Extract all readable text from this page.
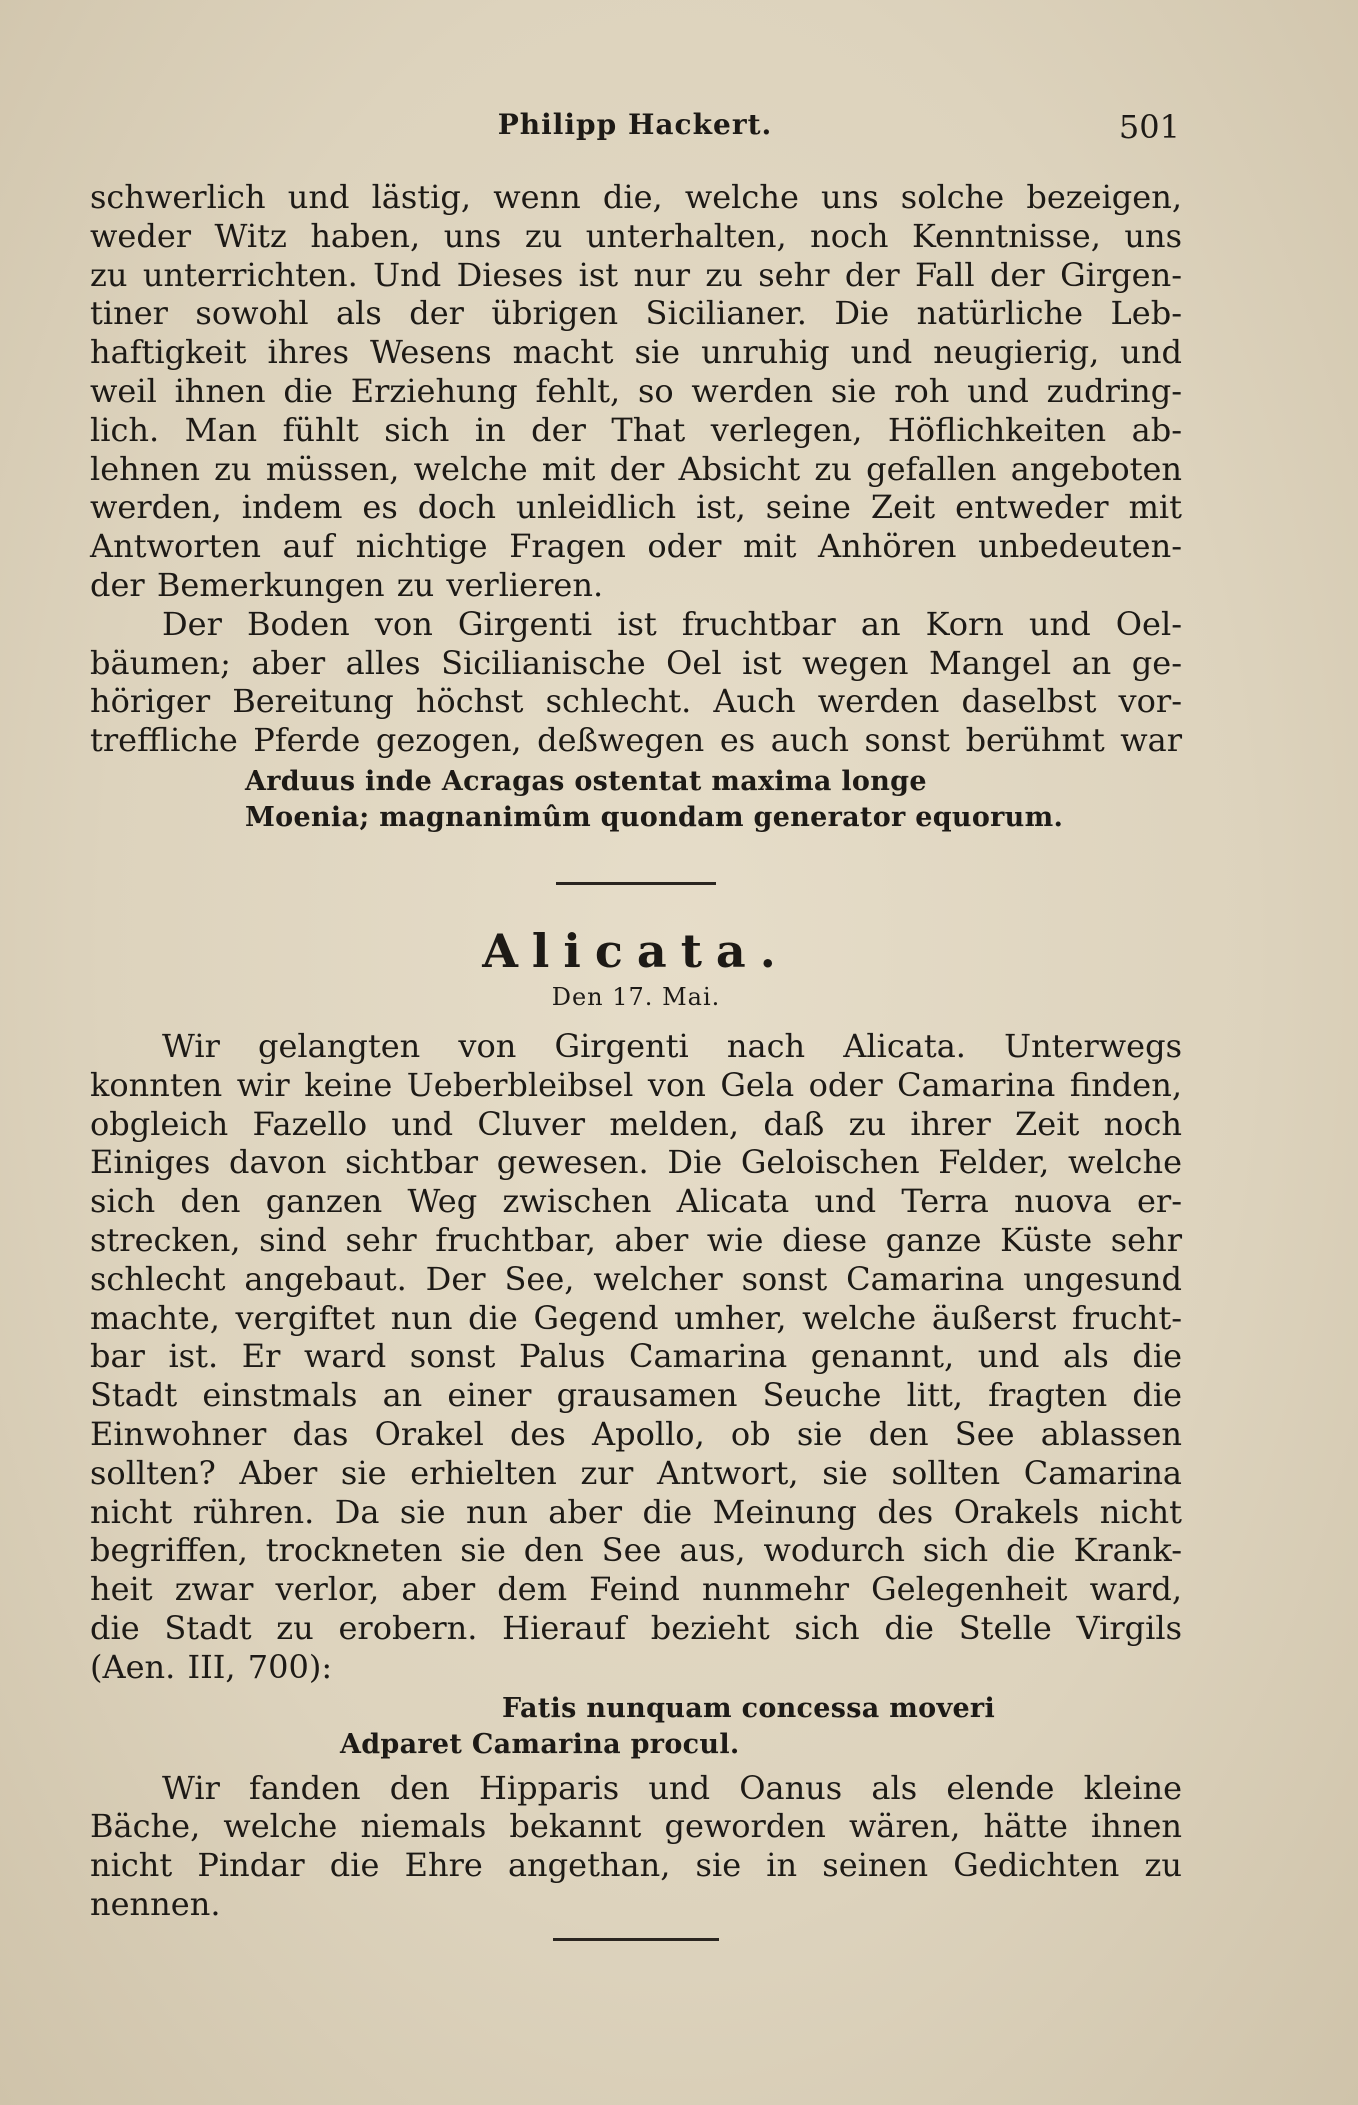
Philipp Hackert.	501
schwerlich und lästig, wenn die, welche uns solche bezeigen,
weder Witz haben, uns zu unterhalten, noch Kenntnisse, uns
zu unterrichten. Und Dieses ist nur zu sehr der Fall der Girgen-
tiner sowohl als der übrigen Sicilianer. Die natürliche Leb-
haftigkeit ihres Wesens macht sie unruhig und neugierig, und
weil ihnen die Erziehung fehlt, so werden sie roh und zudring-
lich. Man fühlt sich in der That verlegen, Höflichkeiten ab-
lehnen zu müssen, welche mit der Absicht zu gefallen angeboten
werden, indem es doch unleidlich ist, seine Zeit entweder mit
Antworten auf nichtige Fragen oder mit Anhören unbedeuten-
der Bemerkungen zu verlieren.
Der Boden von Girgenti ist fruchtbar an Korn und Oel-
bäumen; aber alles Sicilianische Oel ist wegen Mangel an ge-
höriger Bereitung höchst schlecht. Auch werden daselbst vor-
treffliche Pferde gezogen, deßwegen es auch sonst berühmt war
Arduus inde Acragas ostentat maxima longe
Moenia; magnanimûm quondam generator equorum.
Alicata.
Den 17. Mai.
Wir gelangten von Girgenti nach Alicata. Unterwegs
konnten wir keine Ueberbleibsel von Gela oder Camarina finden,
obgleich Fazello und Cluver melden, daß zu ihrer Zeit noch
Einiges davon sichtbar gewesen. Die Geloischen Felder, welche
sich den ganzen Weg zwischen Alicata und Terra nuova er-
strecken, sind sehr fruchtbar, aber wie diese ganze Küste sehr
schlecht angebaut. Der See, welcher sonst Camarina ungesund
machte, vergiftet nun die Gegend umher, welche äußerst frucht-
bar ist. Er ward sonst Palus Camarina genannt, und als die
Stadt einstmals an einer grausamen Seuche litt, fragten die
Einwohner das Orakel des Apollo, ob sie den See ablassen
sollten? Aber sie erhielten zur Antwort, sie sollten Camarina
nicht rühren. Da sie nun aber die Meinung des Orakels nicht
begriffen, trockneten sie den See aus, wodurch sich die Krank-
heit zwar verlor, aber dem Feind nunmehr Gelegenheit ward,
die Stadt zu erobern. Hierauf bezieht sich die Stelle Virgils
(Aen. III, 700):
Fatis nunquam concessa moveri
Adparet Camarina procul.
Wir fanden den Hipparis und Oanus als elende kleine
Bäche, welche niemals bekannt geworden wären, hätte ihnen
nicht Pindar die Ehre angethan, sie in seinen Gedichten zu
nennen.
